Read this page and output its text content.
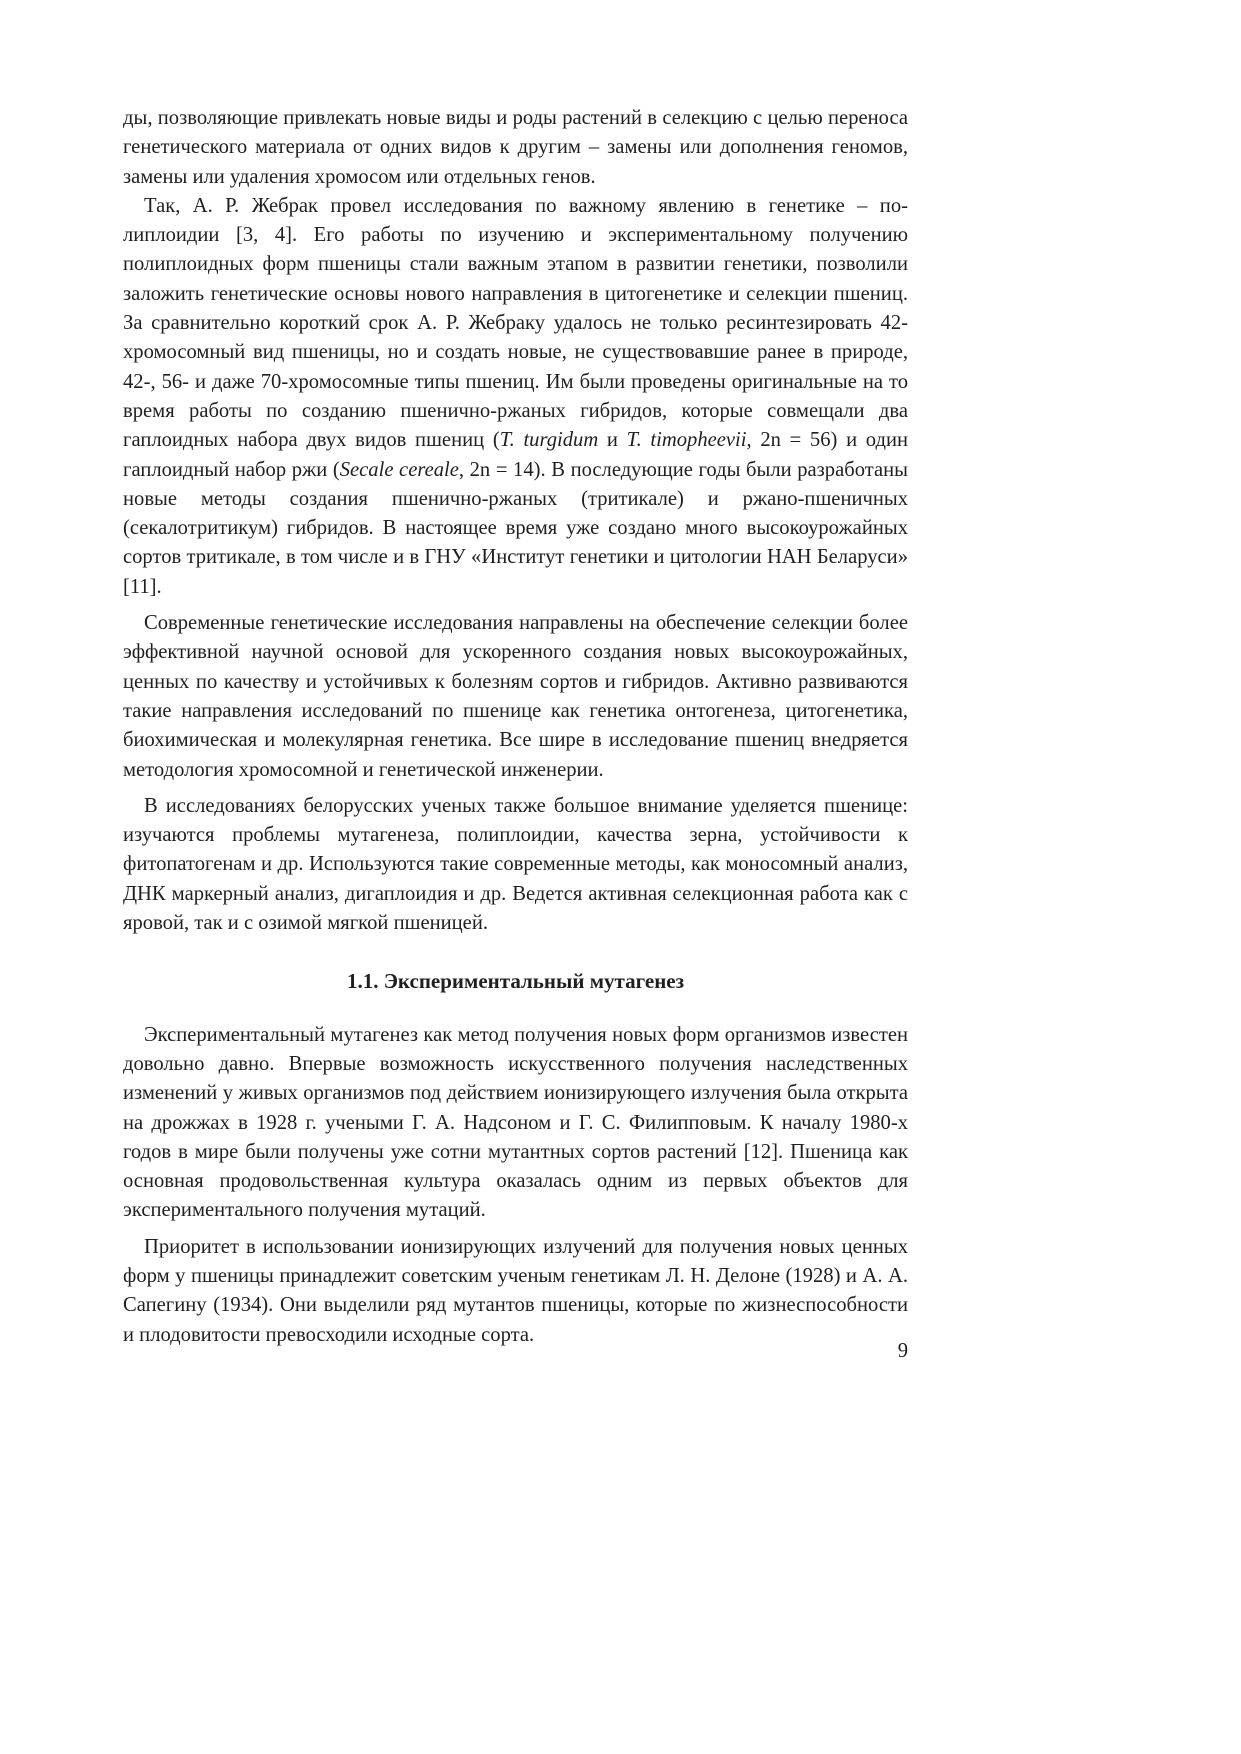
ды, позволяющие привлекать новые виды и роды растений в селекцию с целью переноса генетического материала от одних видов к другим – замены или дополнения геномов, замены или удаления хромосом или отдельных генов.

Так, А. Р. Жебрак провел исследования по важному явлению в генетике – полиплоидии [3, 4]. Его работы по изучению и экспериментальному получению полиплоидных форм пшеницы стали важным этапом в развитии генетики, позволили заложить генетические основы нового направления в цитогенетике и селекции пшениц. За сравнительно короткий срок А. Р. Жебраку удалось не только ресинтезировать 42-хромосомный вид пшеницы, но и создать новые, не существовавшие ранее в природе, 42-, 56- и даже 70-хромосомные типы пшениц. Им были проведены оригинальные на то время работы по созданию пшенично-ржаных гибридов, которые совмещали два гаплоидных набора двух видов пшениц (T. turgidum и T. timopheevii, 2n = 56) и один гаплоидный набор ржи (Secale cereale, 2n = 14). В последующие годы были разработаны новые методы создания пшенично-ржаных (тритикале) и ржано-пшеничных (секалотритикум) гибридов. В настоящее время уже создано много высокоурожайных сортов тритикале, в том числе и в ГНУ «Институт генетики и цитологии НАН Беларуси» [11].

Современные генетические исследования направлены на обеспечение селекции более эффективной научной основой для ускоренного создания новых высокоурожайных, ценных по качеству и устойчивых к болезням сортов и гибридов. Активно развиваются такие направления исследований по пшенице как генетика онтогенеза, цитогенетика, биохимическая и молекулярная генетика. Все шире в исследование пшениц внедряется методология хромосомной и генетической инженерии.

В исследованиях белорусских ученых также большое внимание уделяется пшенице: изучаются проблемы мутагенеза, полиплоидии, качества зерна, устойчивости к фитопатогенам и др. Используются такие современные методы, как моносомный анализ, ДНК маркерный анализ, дигаплоидия и др. Ведется активная селекционная работа как с яровой, так и с озимой мягкой пшеницей.

1.1. Экспериментальный мутагенез

Экспериментальный мутагенез как метод получения новых форм организмов известен довольно давно. Впервые возможность искусственного получения наследственных изменений у живых организмов под действием ионизирующего излучения была открыта на дрожжах в 1928 г. учеными Г. А. Надсоном и Г. С. Филипповым. К началу 1980-х годов в мире были получены уже сотни мутантных сортов растений [12]. Пшеница как основная продовольственная культура оказалась одним из первых объектов для экспериментального получения мутаций.

Приоритет в использовании ионизирующих излучений для получения новых ценных форм у пшеницы принадлежит советским ученым генетикам Л. Н. Делоне (1928) и А. А. Сапегину (1934). Они выделили ряд мутантов пшеницы, которые по жизнеспособности и плодовитости превосходили исходные сорта.

9
